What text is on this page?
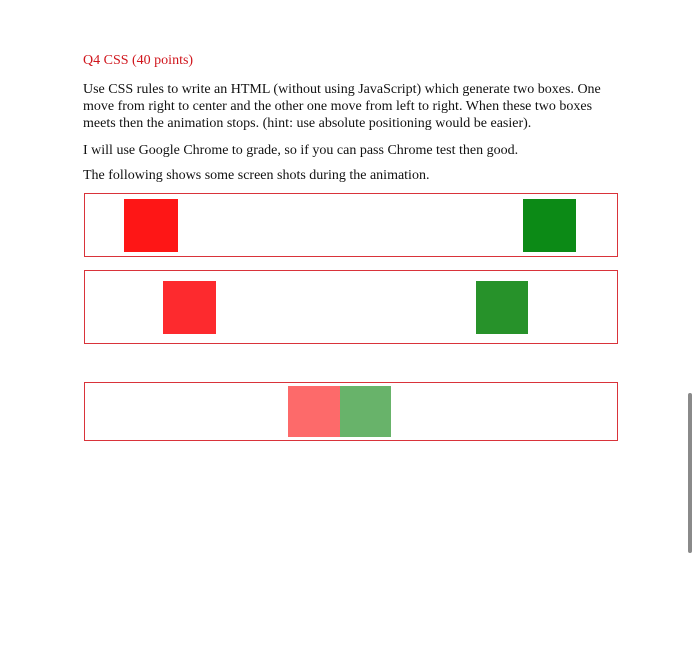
Q4 CSS (40 points)

Use CSS rules to write an HTML (without using JavaScript) which generate two boxes. One move from right to center and the other one move from left to right. When these two boxes meets then the animation stops. (hint: use absolute positioning would be easier).

I will use Google Chrome to grade, so if you can pass Chrome test then good.

The following shows some screen shots during the animation.
